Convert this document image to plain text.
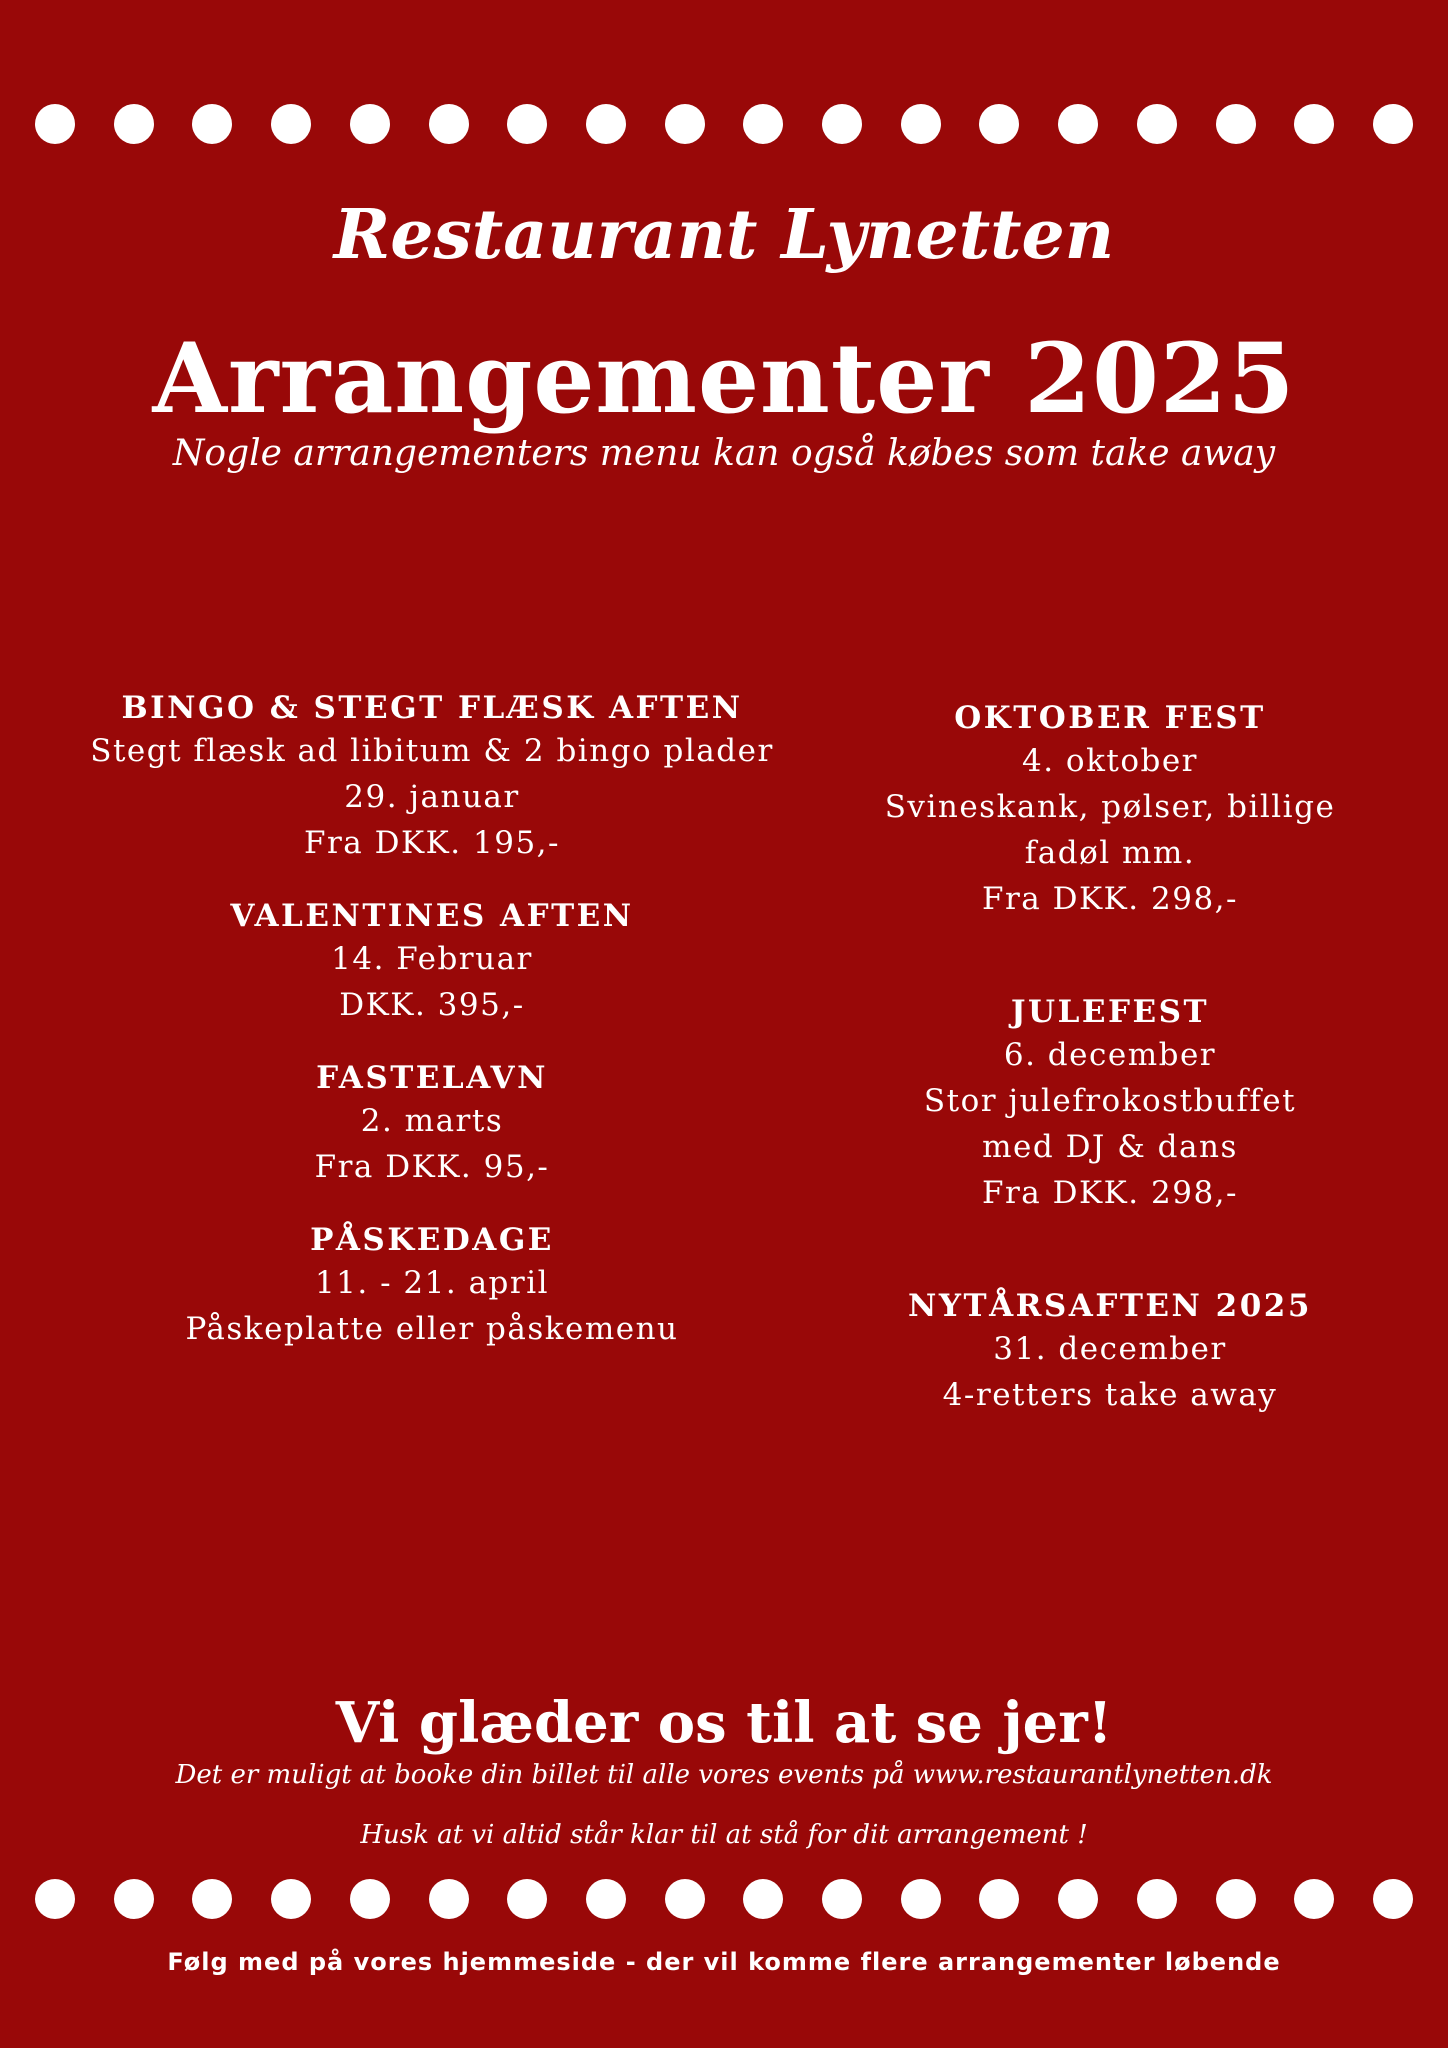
Restaurant Lynetten
Arrangementer 2025
Nogle arrangementers menu kan også købes som take away
BINGO & STEGT FLÆSK AFTEN

Stegt flæsk ad libitum & 2 bingo plader

29. januar

Fra DKK. 195,-

VALENTINES AFTEN

14. Februar

DKK. 395,-

FASTELAVN

2. marts

Fra DKK. 95,-

PÅSKEDAGE

11. - 21. april

Påskeplatte eller påskemenu

OKTOBER FEST

4. oktober

Svineskank, pølser, billige

fadøl mm.

Fra DKK. 298,-

JULEFEST

6. december

Stor julefrokostbuffet

med DJ & dans

Fra DKK. 298,-

NYTÅRSAFTEN 2025

31. december

4-retters take away

Vi glæder os til at se jer!
Det er muligt at booke din billet til alle vores events på www.restaurantlynetten.dk
Husk at vi altid står klar til at stå for dit arrangement !
Følg med på vores hjemmeside - der vil komme flere arrangementer løbende
